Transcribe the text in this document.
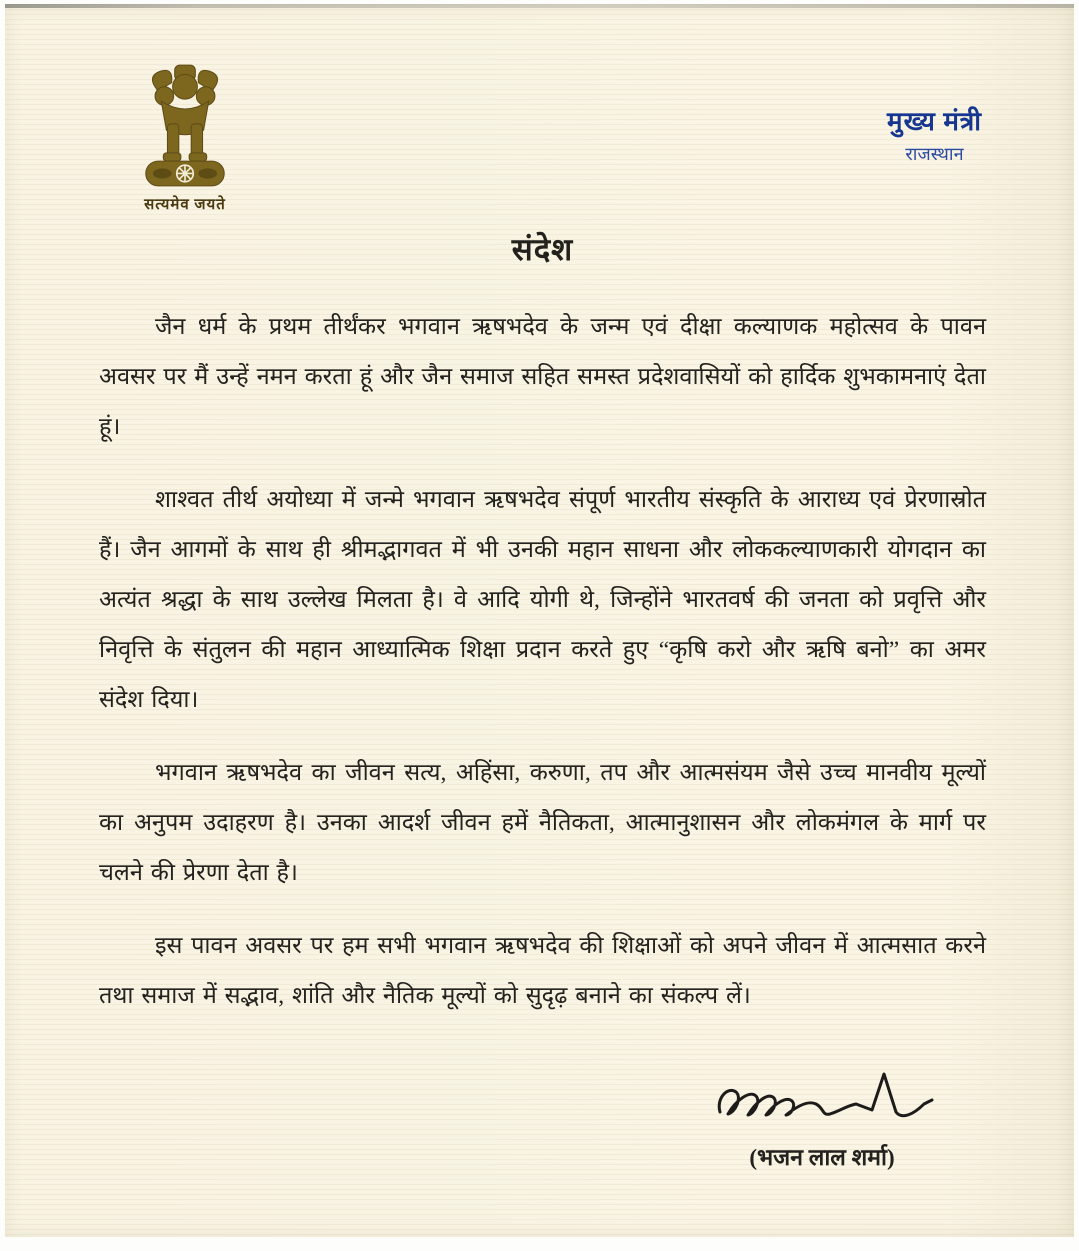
सत्यमेव जयते
मुख्य मंत्री
राजस्थान
संदेश

जैन धर्म के प्रथम तीर्थंकर भगवान ऋषभदेव के जन्म एवं दीक्षा कल्याणक महोत्सव के पावन अवसर पर मैं उन्हें नमन करता हूं और जैन समाज सहित समस्त प्रदेशवासियों को हार्दिक शुभकामनाएं देता हूं।

शाश्वत तीर्थ अयोध्या में जन्मे भगवान ऋषभदेव संपूर्ण भारतीय संस्कृति के आराध्य एवं प्रेरणास्रोत हैं। जैन आगमों के साथ ही श्रीमद्भागवत में भी उनकी महान साधना और लोककल्याणकारी योगदान का अत्यंत श्रद्धा के साथ उल्लेख मिलता है। वे आदि योगी थे, जिन्होंने भारतवर्ष की जनता को प्रवृत्ति और निवृत्ति के संतुलन की महान आध्यात्मिक शिक्षा प्रदान करते हुए “कृषि करो और ऋषि बनो” का अमर संदेश दिया।

भगवान ऋषभदेव का जीवन सत्य, अहिंसा, करुणा, तप और आत्मसंयम जैसे उच्च मानवीय मूल्यों का अनुपम उदाहरण है। उनका आदर्श जीवन हमें नैतिकता, आत्मानुशासन और लोकमंगल के मार्ग पर चलने की प्रेरणा देता है।

इस पावन अवसर पर हम सभी भगवान ऋषभदेव की शिक्षाओं को अपने जीवन में आत्मसात करने तथा समाज में सद्भाव, शांति और नैतिक मूल्यों को सुदृढ़ बनाने का संकल्प लें।

(भजन लाल शर्मा)
